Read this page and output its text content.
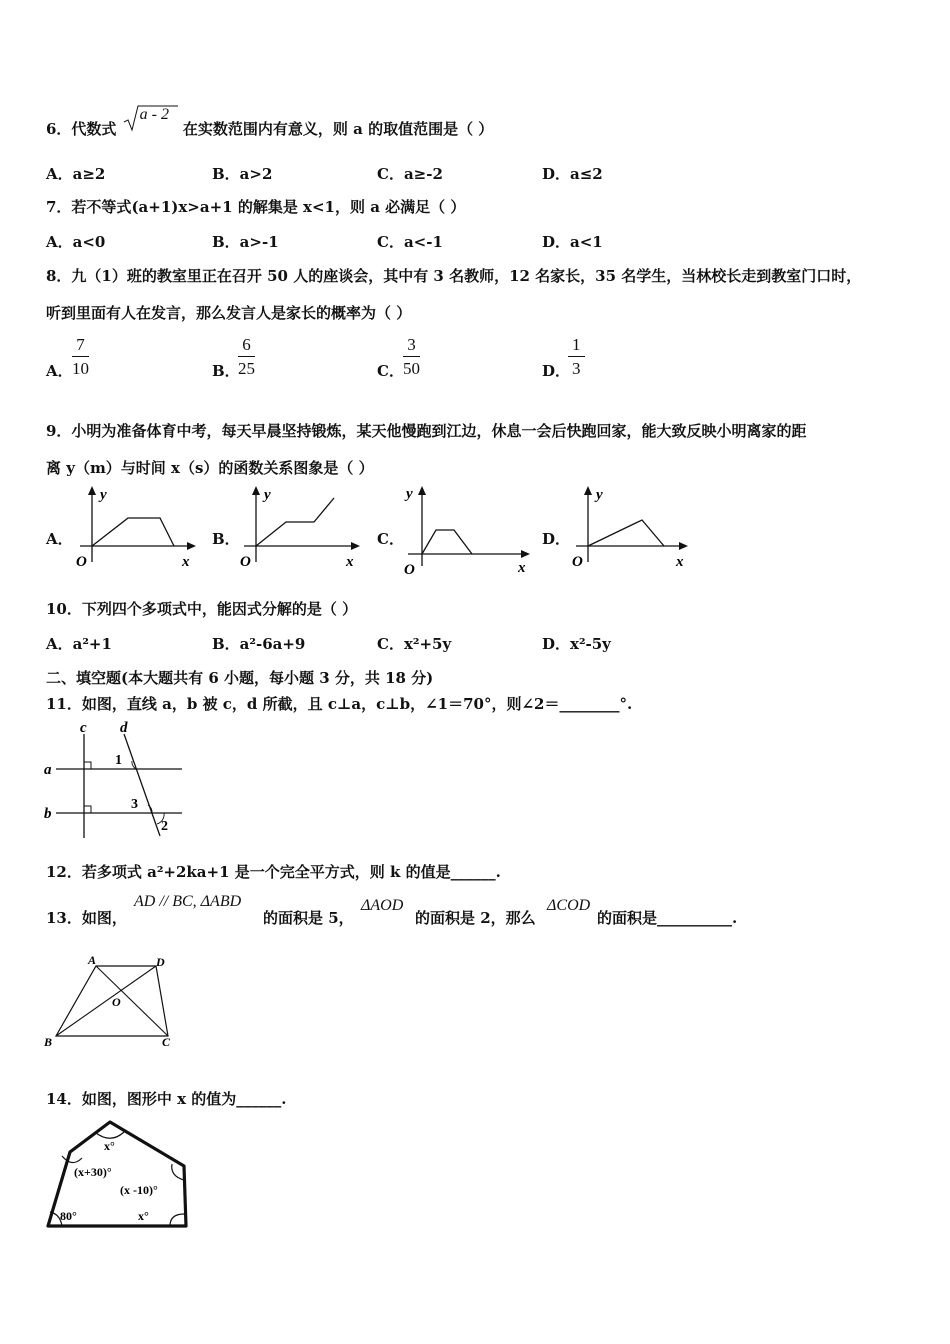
6．代数式
a - 2
在实数范围内有意义，则 a 的取值范围是（ ）
A．a≥2	B．a>2	C．a≥-2	D．a≤2
7．若不等式(a+1)x>a+1 的解集是 x<1，则 a 必满足（ ）
A．a<0	B．a>-1	C．a<-1	D．a<1
8．九（1）班的教室里正在召开 50 人的座谈会，其中有 3 名教师，12 名家长，35 名学生，当林校长走到教室门口时，
听到里面有人在发言，那么发言人是家长的概率为（ ）
A． $\frac{7}{10}$	B．
$\frac{6}{25}$	C． $\frac{3}{50}$	D．
$\frac{1}{3}$
9．小明为准备体育中考，每天早晨坚持锻炼，某天他慢跑到江边，休息一会后快跑回家，能大致反映小明离家的距
离 y（m）与时间 x（s）的函数关系图象是（ ）
A．
y
x
O
B．
y
x
O
C．
y
x
O
D．
y
x
O
10．下列四个多项式中，能因式分解的是（ ）
A．a²+1	B．a²-6a+9	C．x²+5y	D．x²-5y
二、填空题(本大题共有 6 小题，每小题 3 分，共 18 分)
11．如图，直线 a，b 被 c，d 所截，且 c⊥a，c⊥b，∠1＝70°，则∠2＝________°.
c d
a
b
1
3
2
12．若多项式 a²+2ka+1 是一个完全平方式，则 k 的值是______.
13．如图，
AD // BC, ΔABD
的面积是 5，
ΔAOD
的面积是 2，那么
ΔCOD
的面积是__________.
A	D
B	C
O
14．如图，图形中 x 的值为______.
x°
(x+30)°
(x -10)°
80°	x°
